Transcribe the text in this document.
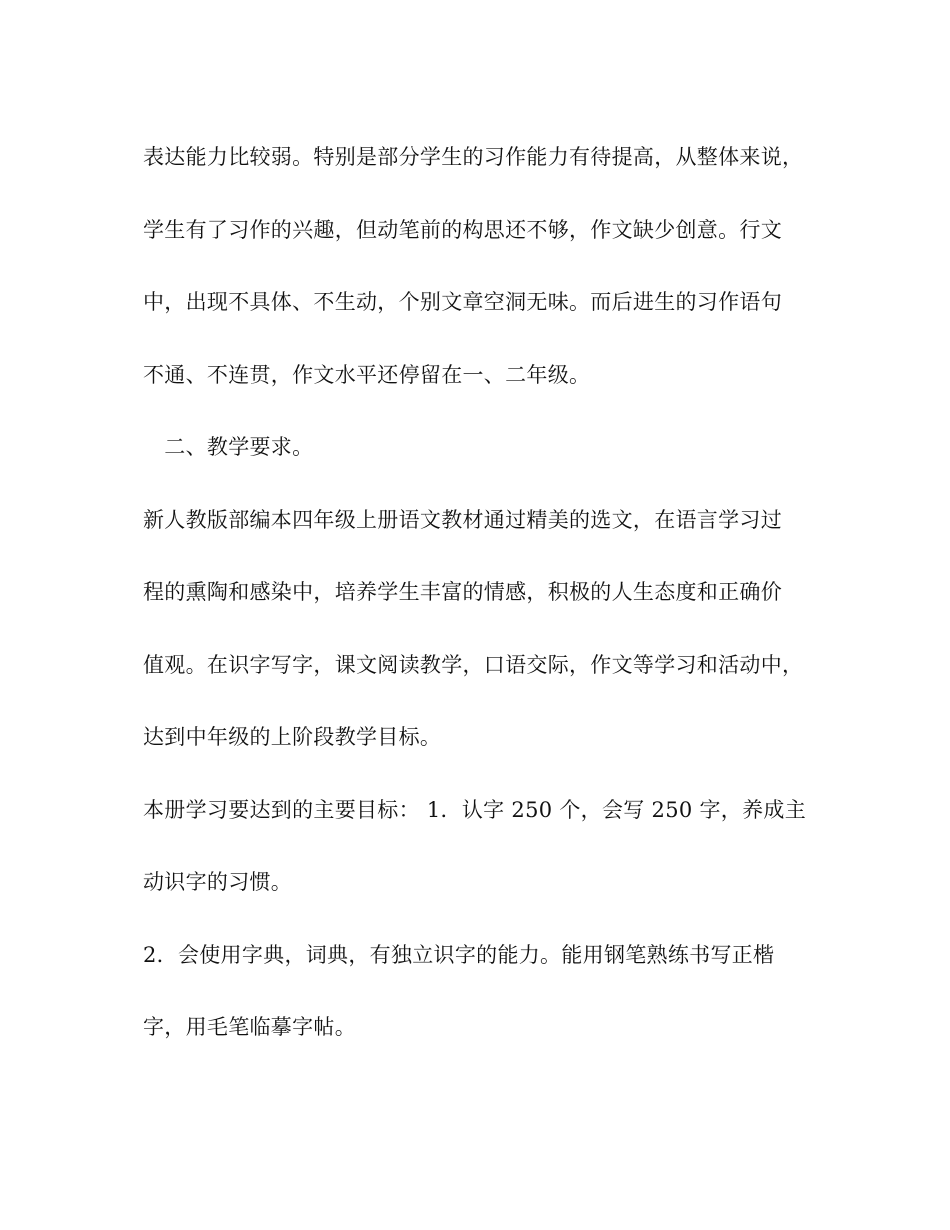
表达能力比较弱。特别是部分学生的习作能力有待提高，从整体来说，
学生有了习作的兴趣，但动笔前的构思还不够，作文缺少创意。行文
中，出现不具体、不生动，个别文章空洞无味。而后进生的习作语句
不通、不连贯，作文水平还停留在一、二年级。
　二、教学要求。
新人教版部编本四年级上册语文教材通过精美的选文，在语言学习过
程的熏陶和感染中，培养学生丰富的情感，积极的人生态度和正确价
值观。在识字写字，课文阅读教学，口语交际，作文等学习和活动中，
达到中年级的上阶段教学目标。
本册学习要达到的主要目标： 1．认字 250 个，会写 250 字，养成主
动识字的习惯。
2．会使用字典，词典，有独立识字的能力。能用钢笔熟练书写正楷
字，用毛笔临摹字帖。
